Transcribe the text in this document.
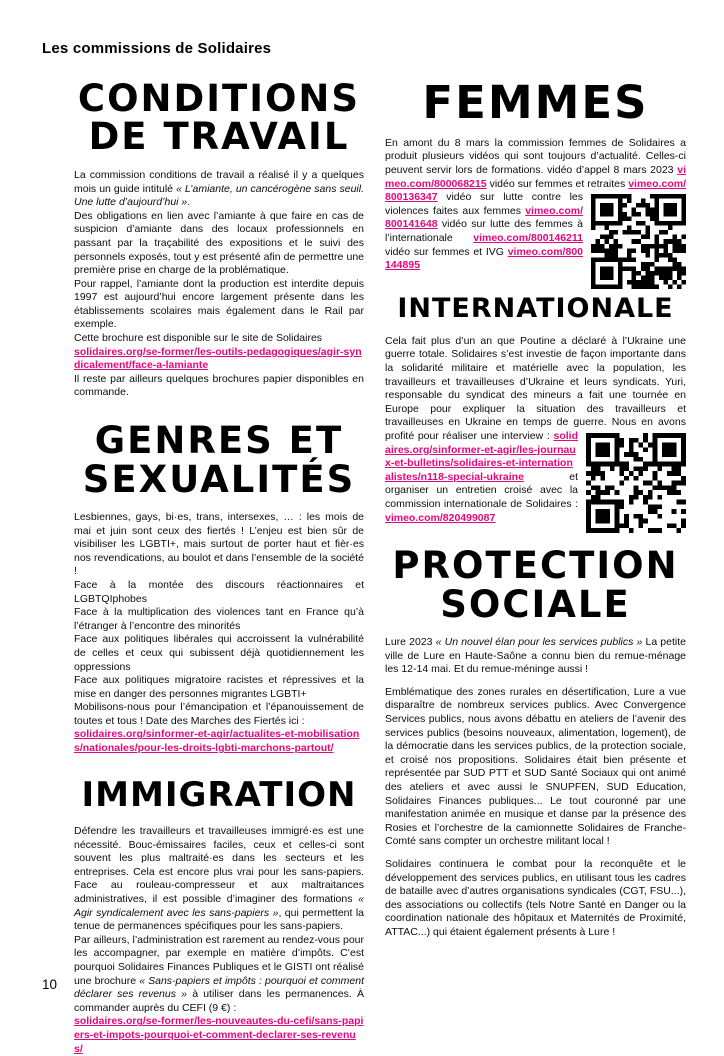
Les commissions de Solidaires
CONDITIONS
DE TRAVAIL

La commission conditions de travail a réalisé il y a quelques mois un guide intitulé « L’amiante, un cancérogène sans seuil. Une lutte d’aujourd’hui ».

Des obligations en lien avec l’amiante à que faire en cas de suspicion d’amiante dans des locaux professionnels en passant par la traçabilité des expositions et le suivi des personnels exposés, tout y est présenté afin de permettre une première prise en charge de la problématique.

Pour rappel, l’amiante dont la production est interdite depuis 1997 est aujourd’hui encore largement présente dans les établissements scolaires mais également dans le Rail par exemple.

Cette brochure est disponible sur le site de Solidaires

solidaires.org/se-former/les-outils-pedagogiques/agir-syndicalement/face-a-lamiante

Il reste par ailleurs quelques brochures papier disponibles en commande.

GENRES ET
SEXUALITÉS

Lesbiennes, gays, bi·es, trans, intersexes, … : les mois de mai et juin sont ceux des fiertés ! L’enjeu est bien sûr de visibiliser les LGBTI+, mais surtout de porter haut et fièr·es nos revendications, au boulot et dans l’ensemble de la société !

Face à la montée des discours réactionnaires et LGBTQIphobes

Face à la multiplication des violences tant en France qu’à l’étranger à l’encontre des minorités

Face aux politiques libérales qui accroissent la vulnérabilité de celles et ceux qui subissent déjà quotidiennement les oppressions

Face aux politiques migratoire racistes et répressives et la mise en danger des personnes migrantes LGBTI+

Mobilisons-nous pour l’émancipation et l’épanouissement de toutes et tous ! Date des Marches des Fiertés ici :

solidaires.org/sinformer-et-agir/actualites-et-mobilisations/nationales/pour-les-droits-lgbti-marchons-partout/

IMMIGRATION

Défendre les travailleurs et travailleuses immigré·es est une nécessité. Bouc-émissaires faciles, ceux et celles-ci sont souvent les plus maltraité·es dans les secteurs et les entreprises. Cela est encore plus vrai pour les sans-papiers. Face au rouleau-compresseur et aux maltraitances administratives, il est possible d’imaginer des formations « Agir syndicalement avec les sans-papiers », qui permettent la tenue de permanences spécifiques pour les sans-papiers.

Par ailleurs, l’administration est rarement au rendez-vous pour les accompagner, par exemple en matière d’impôts. C’est pourquoi Solidaires Finances Publiques et le GISTI ont réalisé une brochure « Sans-papiers et impôts : pourquoi et comment déclarer ses revenus » à utiliser dans les permanences. À commander auprès du CEFI (9 €) :

solidaires.org/se-former/les-nouveautes-du-cefi/sans-papiers-et-impots-pourquoi-et-comment-declarer-ses-revenus/

FEMMES

En amont du 8 mars la commission femmes de Solidaires a produit plusieurs vidéos qui sont toujours d’actualité. Celles-ci peuvent servir lors de formations. vidéo d’appel 8 mars 2023 vimeo.com/800068215 vidéo sur femmes et retraites vimeo.com/800136347 vidéo sur lutte
contre les violences faites aux femmes vimeo.com/800141648 vidéo sur lutte des femmes à l’internationale vimeo.com/800146211 vidéo sur femmes et IVG vimeo.com/800144895

INTERNATIONALE

Cela fait plus d’un an que Poutine a déclaré à l’Ukraine une guerre totale. Solidaires s’est investie de façon importante dans la solidarité militaire et matérielle avec la population, les travailleurs et travailleuses d’Ukraine et leurs syndicats. Yuri, responsable du syndicat des mineurs a fait une tournée en Europe pour expliquer la situation des travailleurs et travailleuses en Ukraine en temps de guerre.
Nous en avons profité pour réaliser une interview : solidaires.org/sinformer-et-agir/les-journaux-et-bulletins/solidaires-et-internationalistes/n118-special-ukraine et organiser un entretien croisé avec la commission internationale de Solidaires : vimeo.com/820499087

PROTECTION
SOCIALE

Lure 2023 « Un nouvel élan pour les services publics » La petite ville de Lure en Haute-Saône a connu bien du remue-ménage les 12-14 mai. Et du remue-méninge aussi !

Emblématique des zones rurales en désertification, Lure a vue disparaître de nombreux services publics. Avec Convergence Services publics, nous avons débattu en ateliers de l’avenir des services publics (besoins nouveaux, alimentation, logement), de la démocratie dans les services publics, de la protection sociale, et croisé nos propositions. Solidaires était bien présente et représentée par SUD PTT et SUD Santé Sociaux qui ont animé des ateliers et avec aussi le SNUPFEN, SUD Education, Solidaires Finances publiques... Le tout couronné par une manifestation animée en musique et danse par la présence des Rosies et l’orchestre de la camionnette Solidaires de Franche-Comté sans compter un orchestre militant local !

Solidaires continuera le combat pour la reconquête et le développement des services publics, en utilisant tous les cadres de bataille avec d’autres organisations syndicales (CGT, FSU...), des associations ou collectifs (tels Notre Santé en Danger ou la coordination nationale des hôpitaux et Maternités de Proximité, ATTAC...) qui étaient également présents à Lure !

10
